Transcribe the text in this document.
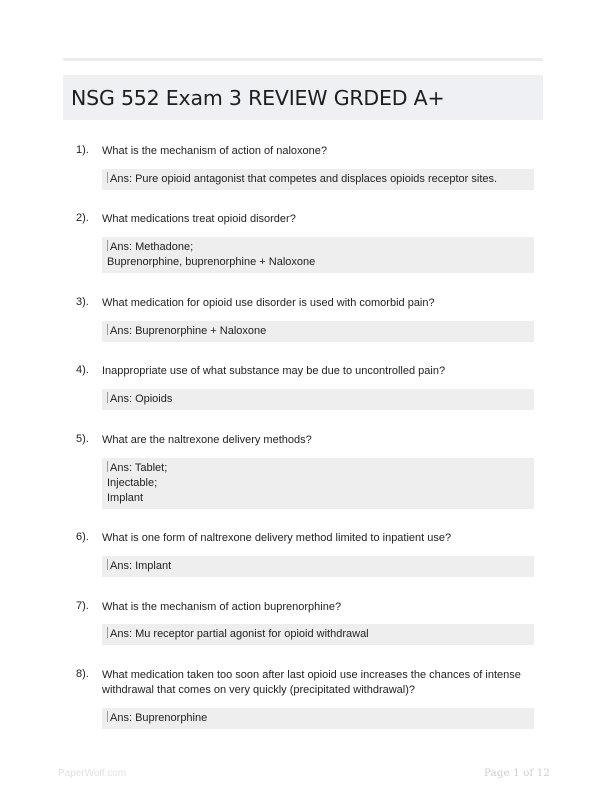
NSG 552 Exam 3 REVIEW GRDED A+
1). What is the mechanism of action of naloxone?
Ans: Pure opioid antagonist that competes and displaces opioids receptor sites.
2). What medications treat opioid disorder?
Ans: Methadone;
Buprenorphine, buprenorphine + Naloxone
3). What medication for opioid use disorder is used with comorbid pain?
Ans: Buprenorphine + Naloxone
4). Inappropriate use of what substance may be due to uncontrolled pain?
Ans: Opioids
5). What are the naltrexone delivery methods?
Ans: Tablet;
Injectable;
Implant
6). What is one form of naltrexone delivery method limited to inpatient use?
Ans: Implant
7). What is the mechanism of action buprenorphine?
Ans: Mu receptor partial agonist for opioid withdrawal
8). What medication taken too soon after last opioid use increases the chances of intense withdrawal that comes on very quickly (precipitated withdrawal)?
Ans: Buprenorphine
PaperWolf.com	Page 1 of 12
